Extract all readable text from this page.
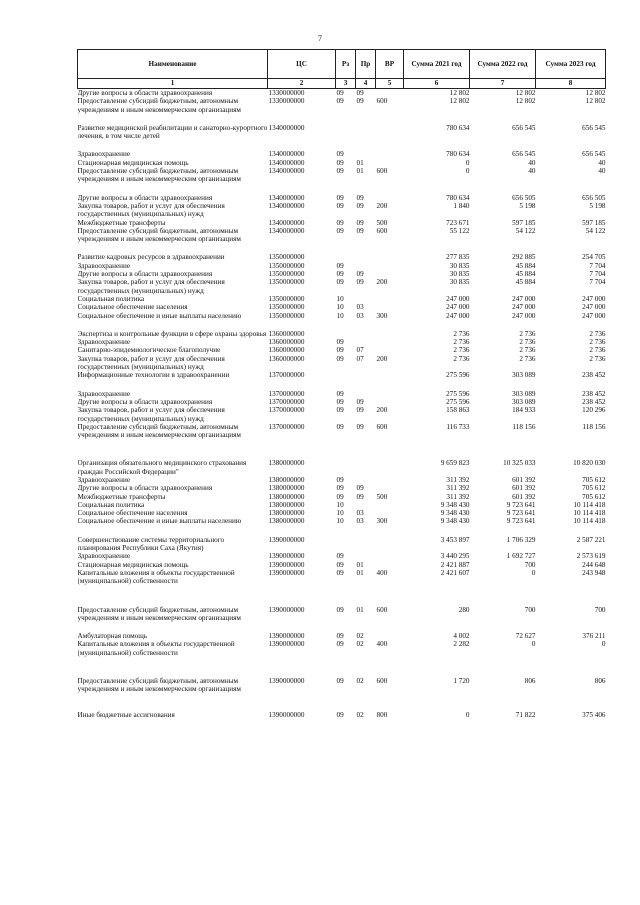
7
Наименование	ЦС	Рз	Пр	ВР	Сумма 2021 год	Сумма 2022 год	Сумма 2023 год
1	2	3	4	5	6	7	8
Другие вопросы в области здравоохранения	1330000000	09	09		12 802	12 802	12 802
Предоставление субсидий бюджетным, автономным учреждениям и иным некоммерческим организациям	1330000000	09	09	600	12 802	12 802	12 802

Развитие медицинской реабилитации и санаторно-курортного лечения, в том числе детей	1340000000				780 634	656 545	656 545

Здравоохранение	1340000000	09			780 634	656 545	656 545
Стационарная медицинская помощь	1340000000	09	01		0	40	40
Предоставление субсидий бюджетным, автономным учреждениям и иным некоммерческим организациям	1340000000	09	01	600	0	40	40

Другие вопросы в области здравоохранения	1340000000	09	09		780 634	656 505	656 505
Закупка товаров, работ и услуг для обеспечения государственных (муниципальных) нужд	1340000000	09	09	200	1 840	5 198	5 198
Межбюджетные трансферты	1340000000	09	09	500	723 671	597 185	597 185
Предоставление субсидий бюджетным, автономным учреждениям и иным некоммерческим организациям	1340000000	09	09	600	55 122	54 122	54 122

Развитие кадровых ресурсов в здравоохранении	1350000000				277 835	292 885	254 705
Здравоохранение	1350000000	09			30 835	45 884	7 704
Другие вопросы в области здравоохранения	1350000000	09	09		30 835	45 884	7 704
Закупка товаров, работ и услуг для обеспечения государственных (муниципальных) нужд	1350000000	09	09	200	30 835	45 884	7 704
Социальная политика	1350000000	10			247 000	247 000	247 000
Социальное обеспечение населения	1350000000	10	03		247 000	247 000	247 000
Социальное обеспечение и иные выплаты населению	1350000000	10	03	300	247 000	247 000	247 000

Экспертиза и контрольные функции в сфере охраны здоровья	1360000000				2 736	2 736	2 736
Здравоохранение	1360000000	09			2 736	2 736	2 736
Санитарно-эпидемиологическое благополучие	1360000000	09	07		2 736	2 736	2 736
Закупка товаров, работ и услуг для обеспечения государственных (муниципальных) нужд	1360000000	09	07	200	2 736	2 736	2 736
Информационные технологии в здравоохранении	1370000000				275 596	303 089	238 452

Здравоохранение	1370000000	09			275 596	303 089	238 452
Другие вопросы в области здравоохранения	1370000000	09	09		275 596	303 089	238 452
Закупка товаров, работ и услуг для обеспечения государственных (муниципальных) нужд	1370000000	09	09	200	158 863	184 933	120 296
Предоставление субсидий бюджетным, автономным учреждениям и иным некоммерческим организациям	1370000000	09	09	600	116 733	118 156	118 156

Организация обязательного медицинского страхования граждан Российской Федерации"	1380000000				9 659 823	10 325 033	10 820 030
Здравоохранение	1380000000	09			311 392	601 392	705 612
Другие вопросы в области здравоохранения	1380000000	09	09		311 392	601 392	705 612
Межбюджетные трансферты	1380000000	09	09	500	311 392	601 392	705 612
Социальная политика	1380000000	10			9 348 430	9 723 641	10 114 418
Социальное обеспечение населения	1380000000	10	03		9 348 430	9 723 641	10 114 418
Социальное обеспечение и иные выплаты населению	1380000000	10	03	300	9 348 430	9 723 641	10 114 418

Совершенствование системы территориального планирования Республики Саха (Якутия)	1390000000				3 453 897	1 706 329	2 587 221
Здравоохранение	1390000000	09			3 440 295	1 692 727	2 573 619
Стационарная медицинская помощь	1390000000	09	01		2 421 887	700	244 648
Капитальные вложения в объекты государственной (муниципальной) собственности	1390000000	09	01	400	2 421 607	0	243 948

Предоставление субсидий бюджетным, автономным учреждениям и иным некоммерческим организациям	1390000000	09	01	600	280	700	700

Амбулаторная помощь	1390000000	09	02		4 002	72 627	376 211
Капитальные вложения в объекты государственной (муниципальной) собственности	1390000000	09	02	400	2 282	0	0

Предоставление субсидий бюджетным, автономным учреждениям и иным некоммерческим организациям	1390000000	09	02	600	1 720	806	806

Иные бюджетные ассигнования	1390000000	09	02	800	0	71 822	375 406
